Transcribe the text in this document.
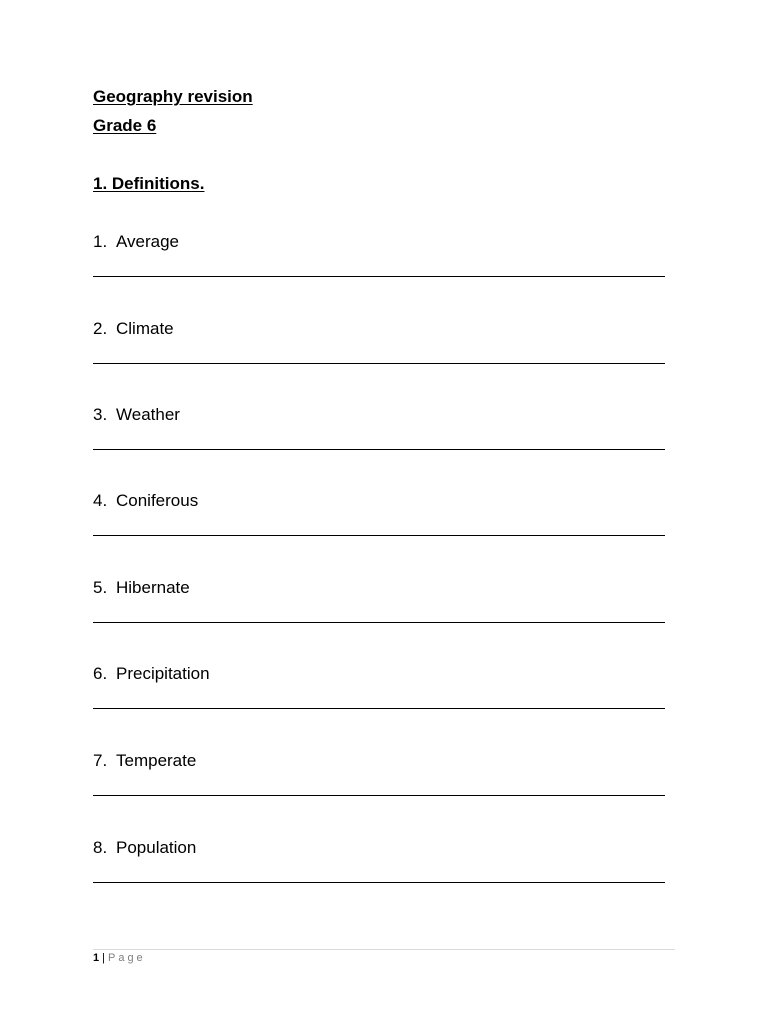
Geography revision
Grade 6
1. Definitions.
1. Average
2. Climate
3. Weather
4. Coniferous
5. Hibernate
6. Precipitation
7. Temperate
8. Population
1 | Page
